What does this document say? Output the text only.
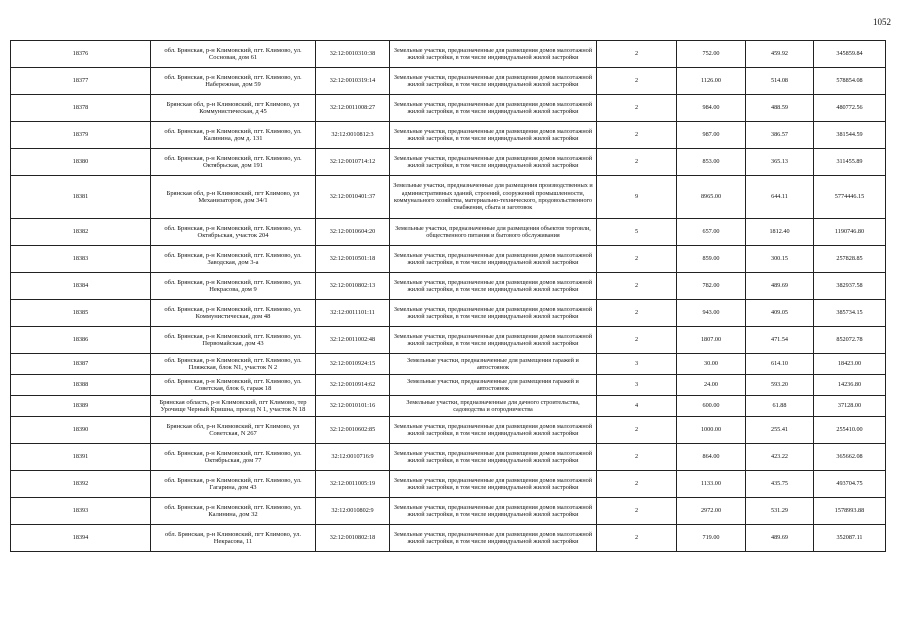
1052
18376	обл. Брянская, р-н Климовский, пгт. Климово, ул. Сосновая, дом 61	32:12:0010310:38	Земельные участки, предназначенные для размещения домов малоэтажной жилой застройки, в том числе индивидуальной жилой застройки	2	752.00	459.92	345859.84
18377	обл. Брянская, р-н Климовский, пгт. Климово, ул. Набережная, дом 59	32:12:0010319:14	Земельные участки, предназначенные для размещения домов малоэтажной жилой застройки, в том числе индивидуальной жилой застройки	2	1126.00	514.08	578854.08
18378	Брянская обл, р-н Климовский, пгт Климово, ул Коммунистическая, д 45	32:12:0011008:27	Земельные участки, предназначенные для размещения домов малоэтажной жилой застройки, в том числе индивидуальной жилой застройки	2	984.00	488.59	480772.56
18379	обл. Брянская, р-н Климовский, пгт. Климово, ул. Калинина, дом д. 131	32:12:0010812:3	Земельные участки, предназначенные для размещения домов малоэтажной жилой застройки, в том числе индивидуальной жилой застройки	2	987.00	386.57	381544.59
18380	обл. Брянская, р-н Климовский, пгт. Климово, ул. Октябрьская, дом 191	32:12:0010714:12	Земельные участки, предназначенные для размещения домов малоэтажной жилой застройки, в том числе индивидуальной жилой застройки	2	853.00	365.13	311455.89
18381	Брянская обл, р-н Климовский, пгт Климово, ул Механизаторов, дом 34/1	32:12:0010401:37	Земельные участки, предназначенные для размещения производственных и административных зданий, строений, сооружений промышленности, коммунального хозяйства, материально-технического, продовольственного снабжения, сбыта и заготовок	9	8965.00	644.11	5774446.15
18382	обл. Брянская, р-н Климовский, пгт. Климово, ул. Октябрьская, участок 204	32:12:0010604:20	Земельные участки, предназначенные для размещения объектов торговли, общественного питания и бытового обслуживания	5	657.00	1812.40	1190746.80
18383	обл. Брянская, р-н Климовский, пгт. Климово, ул. Заводская, дом 3-а	32:12:0010501:18	Земельные участки, предназначенные для размещения домов малоэтажной жилой застройки, в том числе индивидуальной жилой застройки	2	859.00	300.15	257828.85
18384	обл. Брянская, р-н Климовский, пгт. Климово, ул. Некрасова, дом 9	32:12:0010802:13	Земельные участки, предназначенные для размещения домов малоэтажной жилой застройки, в том числе индивидуальной жилой застройки	2	782.00	489.69	382937.58
18385	обл. Брянская, р-н Климовский, пгт. Климово, ул. Коммунистическая, дом 48	32:12:0011101:11	Земельные участки, предназначенные для размещения домов малоэтажной жилой застройки, в том числе индивидуальной жилой застройки	2	943.00	409.05	385734.15
18386	обл. Брянская, р-н Климовский, пгт. Климово, ул. Первомайская, дом 43	32:12:0011002:48	Земельные участки, предназначенные для размещения домов малоэтажной жилой застройки, в том числе индивидуальной жилой застройки	2	1807.00	471.54	852072.78
18387	обл. Брянская, р-н Климовский, пгт. Климово, ул. Пляжская, блок N1, участок N 2	32:12:0010924:15	Земельные участки, предназначенные для размещения гаражей и автостоянок	3	30.00	614.10	18423.00
18388	обл. Брянская, р-н Климовский, пгт. Климово, ул. Советская, блок 6, гараж 18	32:12:0010914:62	Земельные участки, предназначенные для размещения гаражей и автостоянок	3	24.00	593.20	14236.80
18389	Брянская область, р-н Климовский, пгт Климово, тер Урочище Черный Кришна, проезд N 1, участок N 18	32:12:0010101:16	Земельные участки, предназначенные для дачного строительства, садоводства и огородничества	4	600.00	61.88	37128.00
18390	Брянская обл, р-н Климовский, пгт Климово, ул Советская, N 267	32:12:0010602:85	Земельные участки, предназначенные для размещения домов малоэтажной жилой застройки, в том числе индивидуальной жилой застройки	2	1000.00	255.41	255410.00
18391	обл. Брянская, р-н Климовский, пгт. Климово, ул. Октябрьская, дом 77	32:12:0010716:9	Земельные участки, предназначенные для размещения домов малоэтажной жилой застройки, в том числе индивидуальной жилой застройки	2	864.00	423.22	365662.08
18392	обл. Брянская, р-н Климовский, пгт. Климово, ул. Гагарина, дом 43	32:12:0011005:19	Земельные участки, предназначенные для размещения домов малоэтажной жилой застройки, в том числе индивидуальной жилой застройки	2	1133.00	435.75	493704.75
18393	обл. Брянская, р-н Климовский, пгт. Климово, ул. Калинина, дом 32	32:12:0010802:9	Земельные участки, предназначенные для размещения домов малоэтажной жилой застройки, в том числе индивидуальной жилой застройки	2	2972.00	531.29	1578993.88
18394	обл. Брянская, р-н Климовский, пгт Климово, ул. Некрасова, 11	32:12:0010802:18	Земельные участки, предназначенные для размещения домов малоэтажной жилой застройки, в том числе индивидуальной жилой застройки	2	719.00	489.69	352087.11
